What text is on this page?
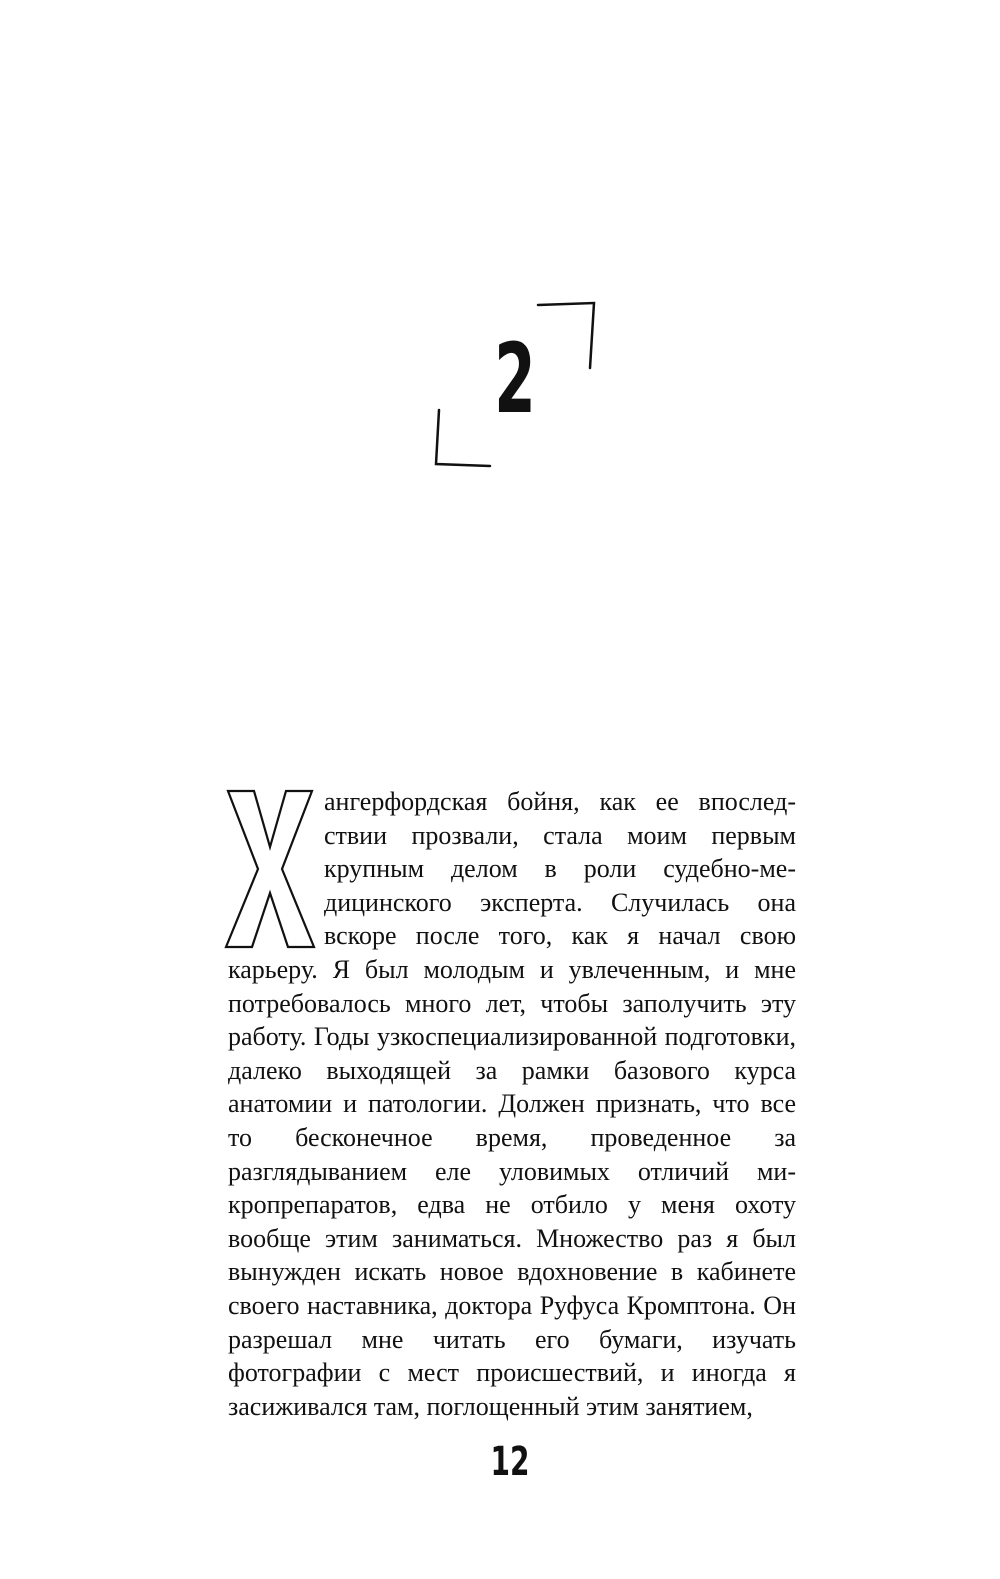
2

ангерфордская бойня, как ее впоследствии прозвали, стала моим первым крупным делом в роли судебно-медицинского эксперта. Случилась она вскоре после того, как я начал свою карьеру. Я был молодым и увлеченным, и мне потребовалось много лет, чтобы заполучить эту работу. Годы узкоспециализированной подготовки, далеко выходящей за рамки базового курса анатомии и патологии. Должен признать, что все то бесконечное время, проведенное за разглядыванием еле уловимых отличий микропрепаратов, едва не отбило у меня охоту вообще этим заниматься. Множество раз я был вынужден искать новое вдохновение в кабинете своего наставника, доктора Руфуса Кромптона. Он разрешал мне читать его бумаги, изучать фотографии с мест происшествий, и иногда я засиживался там, поглощенный этим занятием,

12
